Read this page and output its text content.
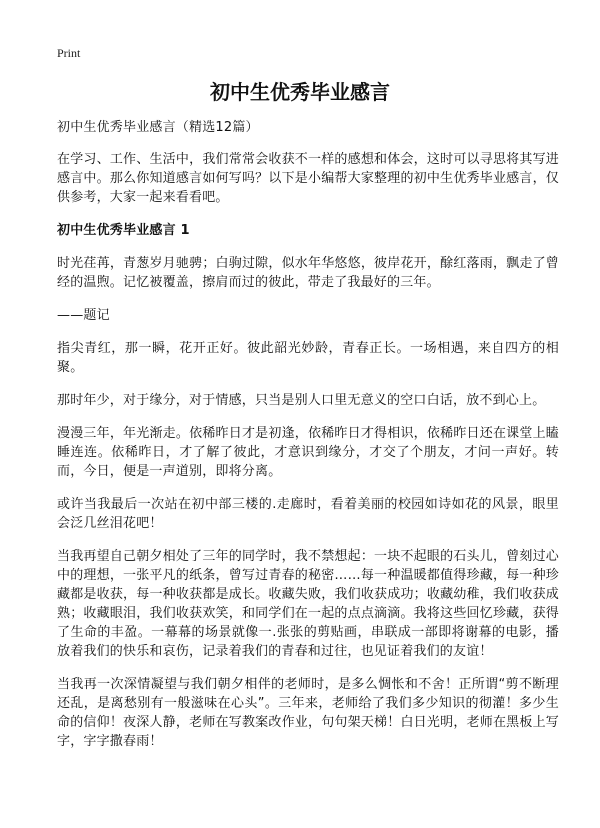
Print
初中生优秀毕业感言

初中生优秀毕业感言（精选12篇）

在学习、工作、生活中，我们常常会收获不一样的感想和体会，这时可以寻思将其写进感言中。那么你知道感言如何写吗？以下是小编帮大家整理的初中生优秀毕业感言，仅供参考，大家一起来看看吧。

初中生优秀毕业感言 1

时光荏苒，青葱岁月驰骋；白驹过隙，似水年华悠悠，彼岸花开，酴红落雨，飘走了曾经的温煦。记忆被覆盖，擦肩而过的彼此，带走了我最好的三年。

——题记

指尖青红，那一瞬，花开正好。彼此韶光妙龄，青春正长。一场相遇，来自四方的相聚。

那时年少，对于缘分，对于情感，只当是别人口里无意义的空口白话，放不到心上。

漫漫三年，年光渐走。依稀昨日才是初逢，依稀昨日才得相识，依稀昨日还在课堂上瞌睡连连。依稀昨日，才了解了彼此，才意识到缘分，才交了个朋友，才问一声好。转而，今日，便是一声道别，即将分离。

或许当我最后一次站在初中部三楼的.走廊时，看着美丽的校园如诗如花的风景，眼里会泛几丝泪花吧！

当我再望自己朝夕相处了三年的同学时，我不禁想起：一块不起眼的石头儿，曾刻过心中的理想，一张平凡的纸条，曾写过青春的秘密……每一种温暖都值得珍藏，每一种珍藏都是收获，每一种收获都是成长。收藏失败，我们收获成功；收藏幼稚，我们收获成熟；收藏眼泪，我们收获欢笑，和同学们在一起的点点滴滴。我将这些回忆珍藏，获得了生命的丰盈。一幕幕的场景就像一.张张的剪贴画，串联成一部即将谢幕的电影，播放着我们的快乐和哀伤，记录着我们的青春和过往，也见证着我们的友谊！

当我再一次深情凝望与我们朝夕相伴的老师时，是多么惆怅和不舍！正所谓“剪不断理还乱，是离愁别有一般滋味在心头”。三年来，老师给了我们多少知识的彻灌！多少生命的信仰！夜深人静，老师在写教案改作业，句句架天梯！白日光明，老师在黑板上写字，字字撒春雨！
